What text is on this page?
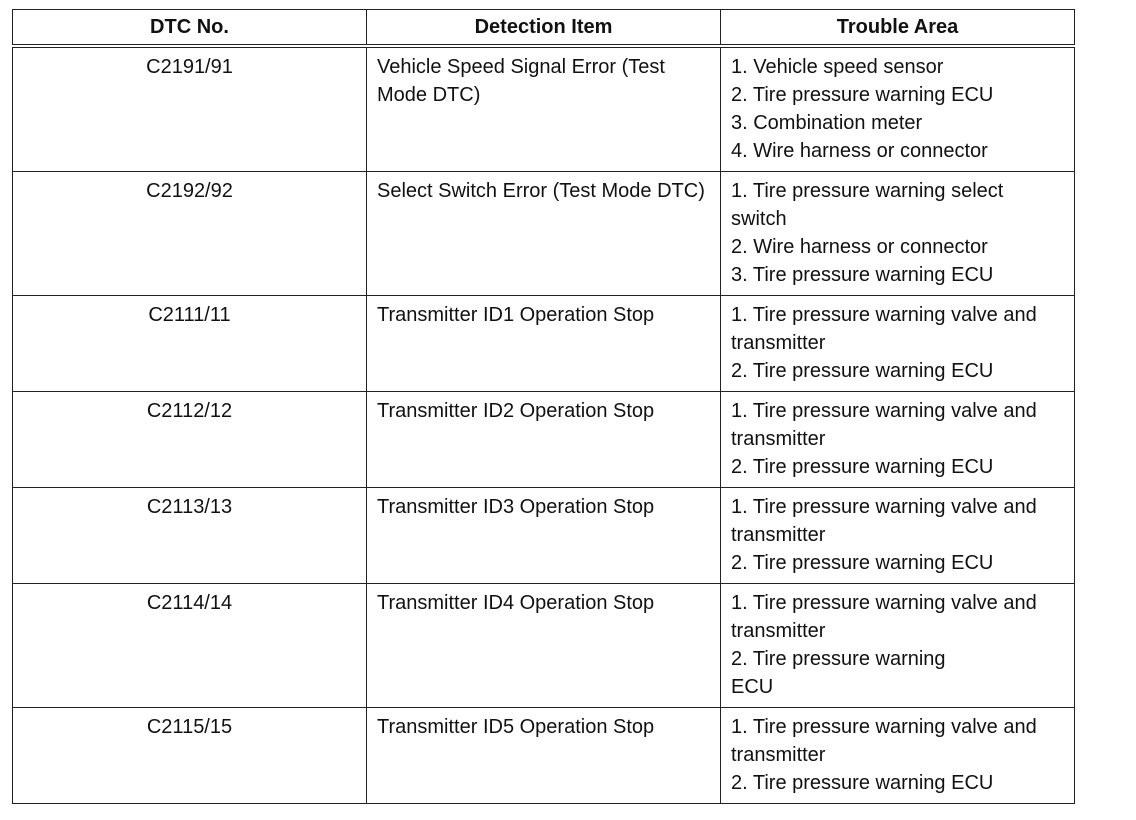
DTC No.	Detection Item	Trouble Area
C2191/91	Vehicle Speed Signal Error (Test Mode DTC)	1. Vehicle speed sensor
2. Tire pressure warning ECU
3. Combination meter
4. Wire harness or connector

C2192/92	Select Switch Error (Test Mode DTC)	1. Tire pressure warning select switch
2. Wire harness or connector
3. Tire pressure warning ECU

C2111/11	Transmitter ID1 Operation Stop	1. Tire pressure warning valve and transmitter
2. Tire pressure warning ECU

C2112/12	Transmitter ID2 Operation Stop	1. Tire pressure warning valve and transmitter
2. Tire pressure warning ECU

C2113/13	Transmitter ID3 Operation Stop	1. Tire pressure warning valve and transmitter
2. Tire pressure warning ECU

C2114/14	Transmitter ID4 Operation Stop	1. Tire pressure warning valve and transmitter
2. Tire pressure warning
ECU

C2115/15	Transmitter ID5 Operation Stop	1. Tire pressure warning valve and transmitter
2. Tire pressure warning ECU
